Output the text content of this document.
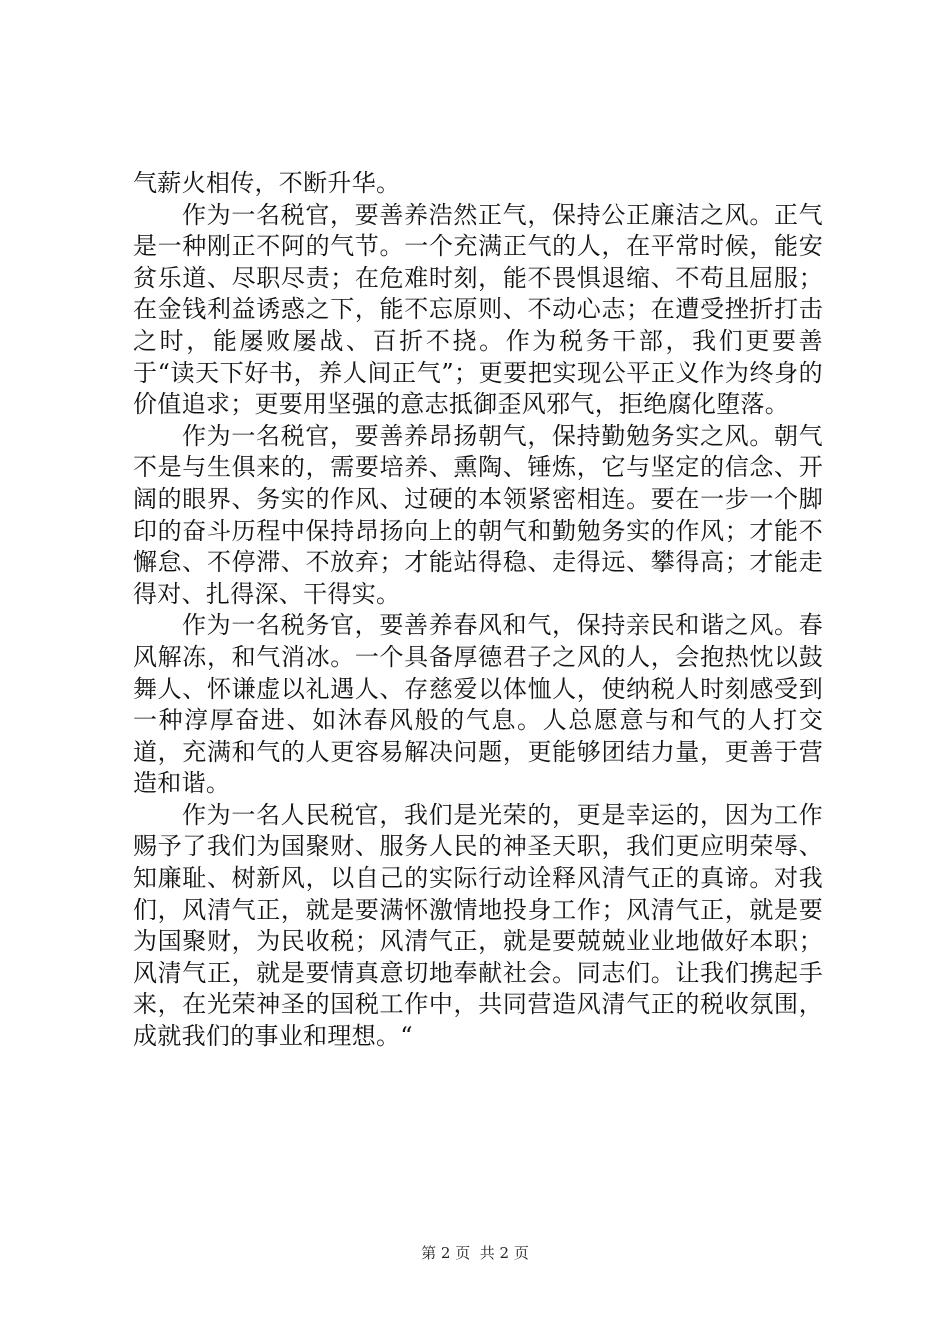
气薪火相传，不断升华。

作为一名税官，要善养浩然正气，保持公正廉洁之风。正气是一种刚正不阿的气节。一个充满正气的人，在平常时候，能安贫乐道、尽职尽责；在危难时刻，能不畏惧退缩、不苟且屈服；在金钱利益诱惑之下，能不忘原则、不动心志；在遭受挫折打击之时，能屡败屡战、百折不挠。作为税务干部，我们更要善于“读天下好书，养人间正气”；更要把实现公平正义作为终身的价值追求；更要用坚强的意志抵御歪风邪气，拒绝腐化堕落。

作为一名税官，要善养昂扬朝气，保持勤勉务实之风。朝气不是与生俱来的，需要培养、熏陶、锤炼，它与坚定的信念、开阔的眼界、务实的作风、过硬的本领紧密相连。要在一步一个脚印的奋斗历程中保持昂扬向上的朝气和勤勉务实的作风；才能不懈怠、不停滞、不放弃；才能站得稳、走得远、攀得高；才能走得对、扎得深、干得实。

作为一名税务官，要善养春风和气，保持亲民和谐之风。春风解冻，和气消冰。一个具备厚德君子之风的人，会抱热忱以鼓舞人、怀谦虚以礼遇人、存慈爱以体恤人，使纳税人时刻感受到一种淳厚奋进、如沐春风般的气息。人总愿意与和气的人打交道，充满和气的人更容易解决问题，更能够团结力量，更善于营造和谐。

作为一名人民税官，我们是光荣的，更是幸运的，因为工作赐予了我们为国聚财、服务人民的神圣天职，我们更应明荣辱、知廉耻、树新风，以自己的实际行动诠释风清气正的真谛。对我们，风清气正，就是要满怀激情地投身工作；风清气正，就是要为国聚财，为民收税；风清气正，就是要兢兢业业地做好本职；风清气正，就是要情真意切地奉献社会。同志们。让我们携起手来，在光荣神圣的国税工作中，共同营造风清气正的税收氛围，成就我们的事业和理想。“

第 2 页  共 2 页
